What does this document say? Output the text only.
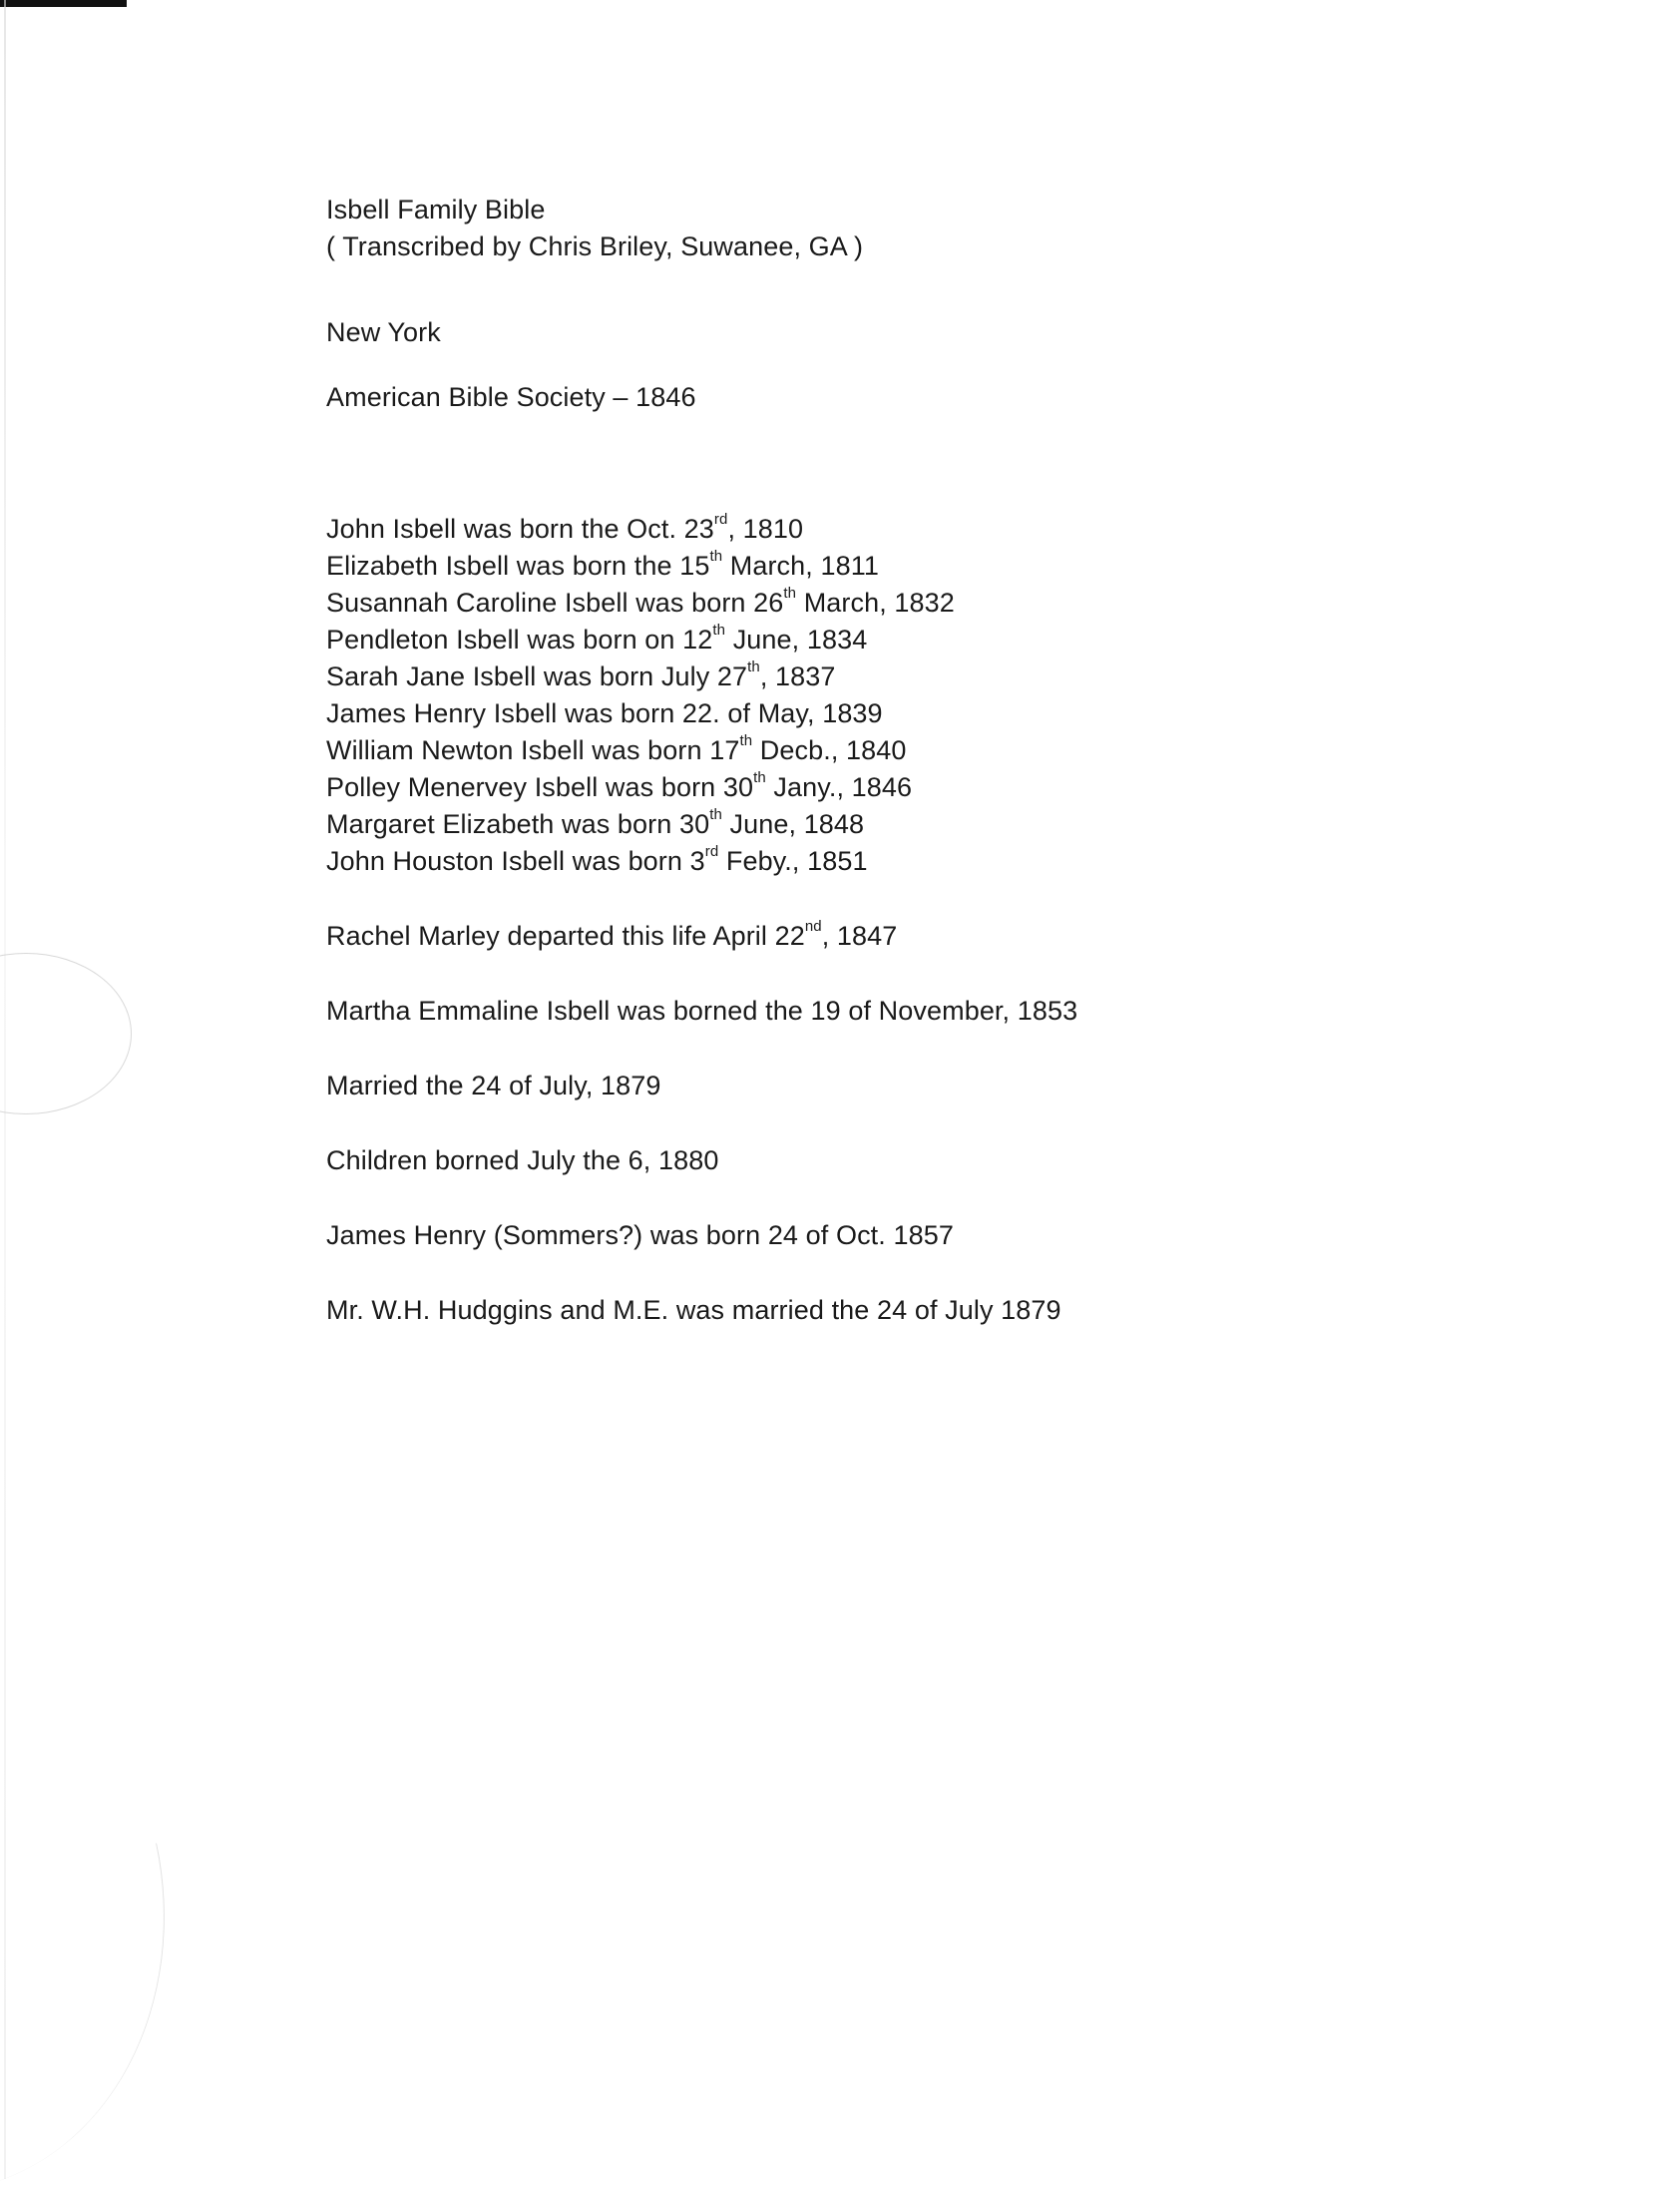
Isbell Family Bible
( Transcribed by Chris Briley, Suwanee, GA )
New York
American Bible Society – 1846
John Isbell was born the Oct. 23rd, 1810
Elizabeth Isbell was born the 15th March, 1811
Susannah Caroline Isbell was born 26th March, 1832
Pendleton Isbell was born on 12th June, 1834
Sarah Jane Isbell was born July 27th, 1837
James Henry Isbell was born 22. of May, 1839
William Newton Isbell was born 17th Decb., 1840
Polley Menervey Isbell was born 30th Jany., 1846
Margaret Elizabeth was born 30th June, 1848
John Houston Isbell was born 3rd Feby., 1851
Rachel Marley departed this life April 22nd, 1847
Martha Emmaline Isbell was borned the 19 of November, 1853
Married the 24 of July, 1879
Children borned July the 6, 1880
James Henry (Sommers?) was born 24 of Oct. 1857
Mr. W.H. Hudggins and M.E. was married the 24 of July 1879
